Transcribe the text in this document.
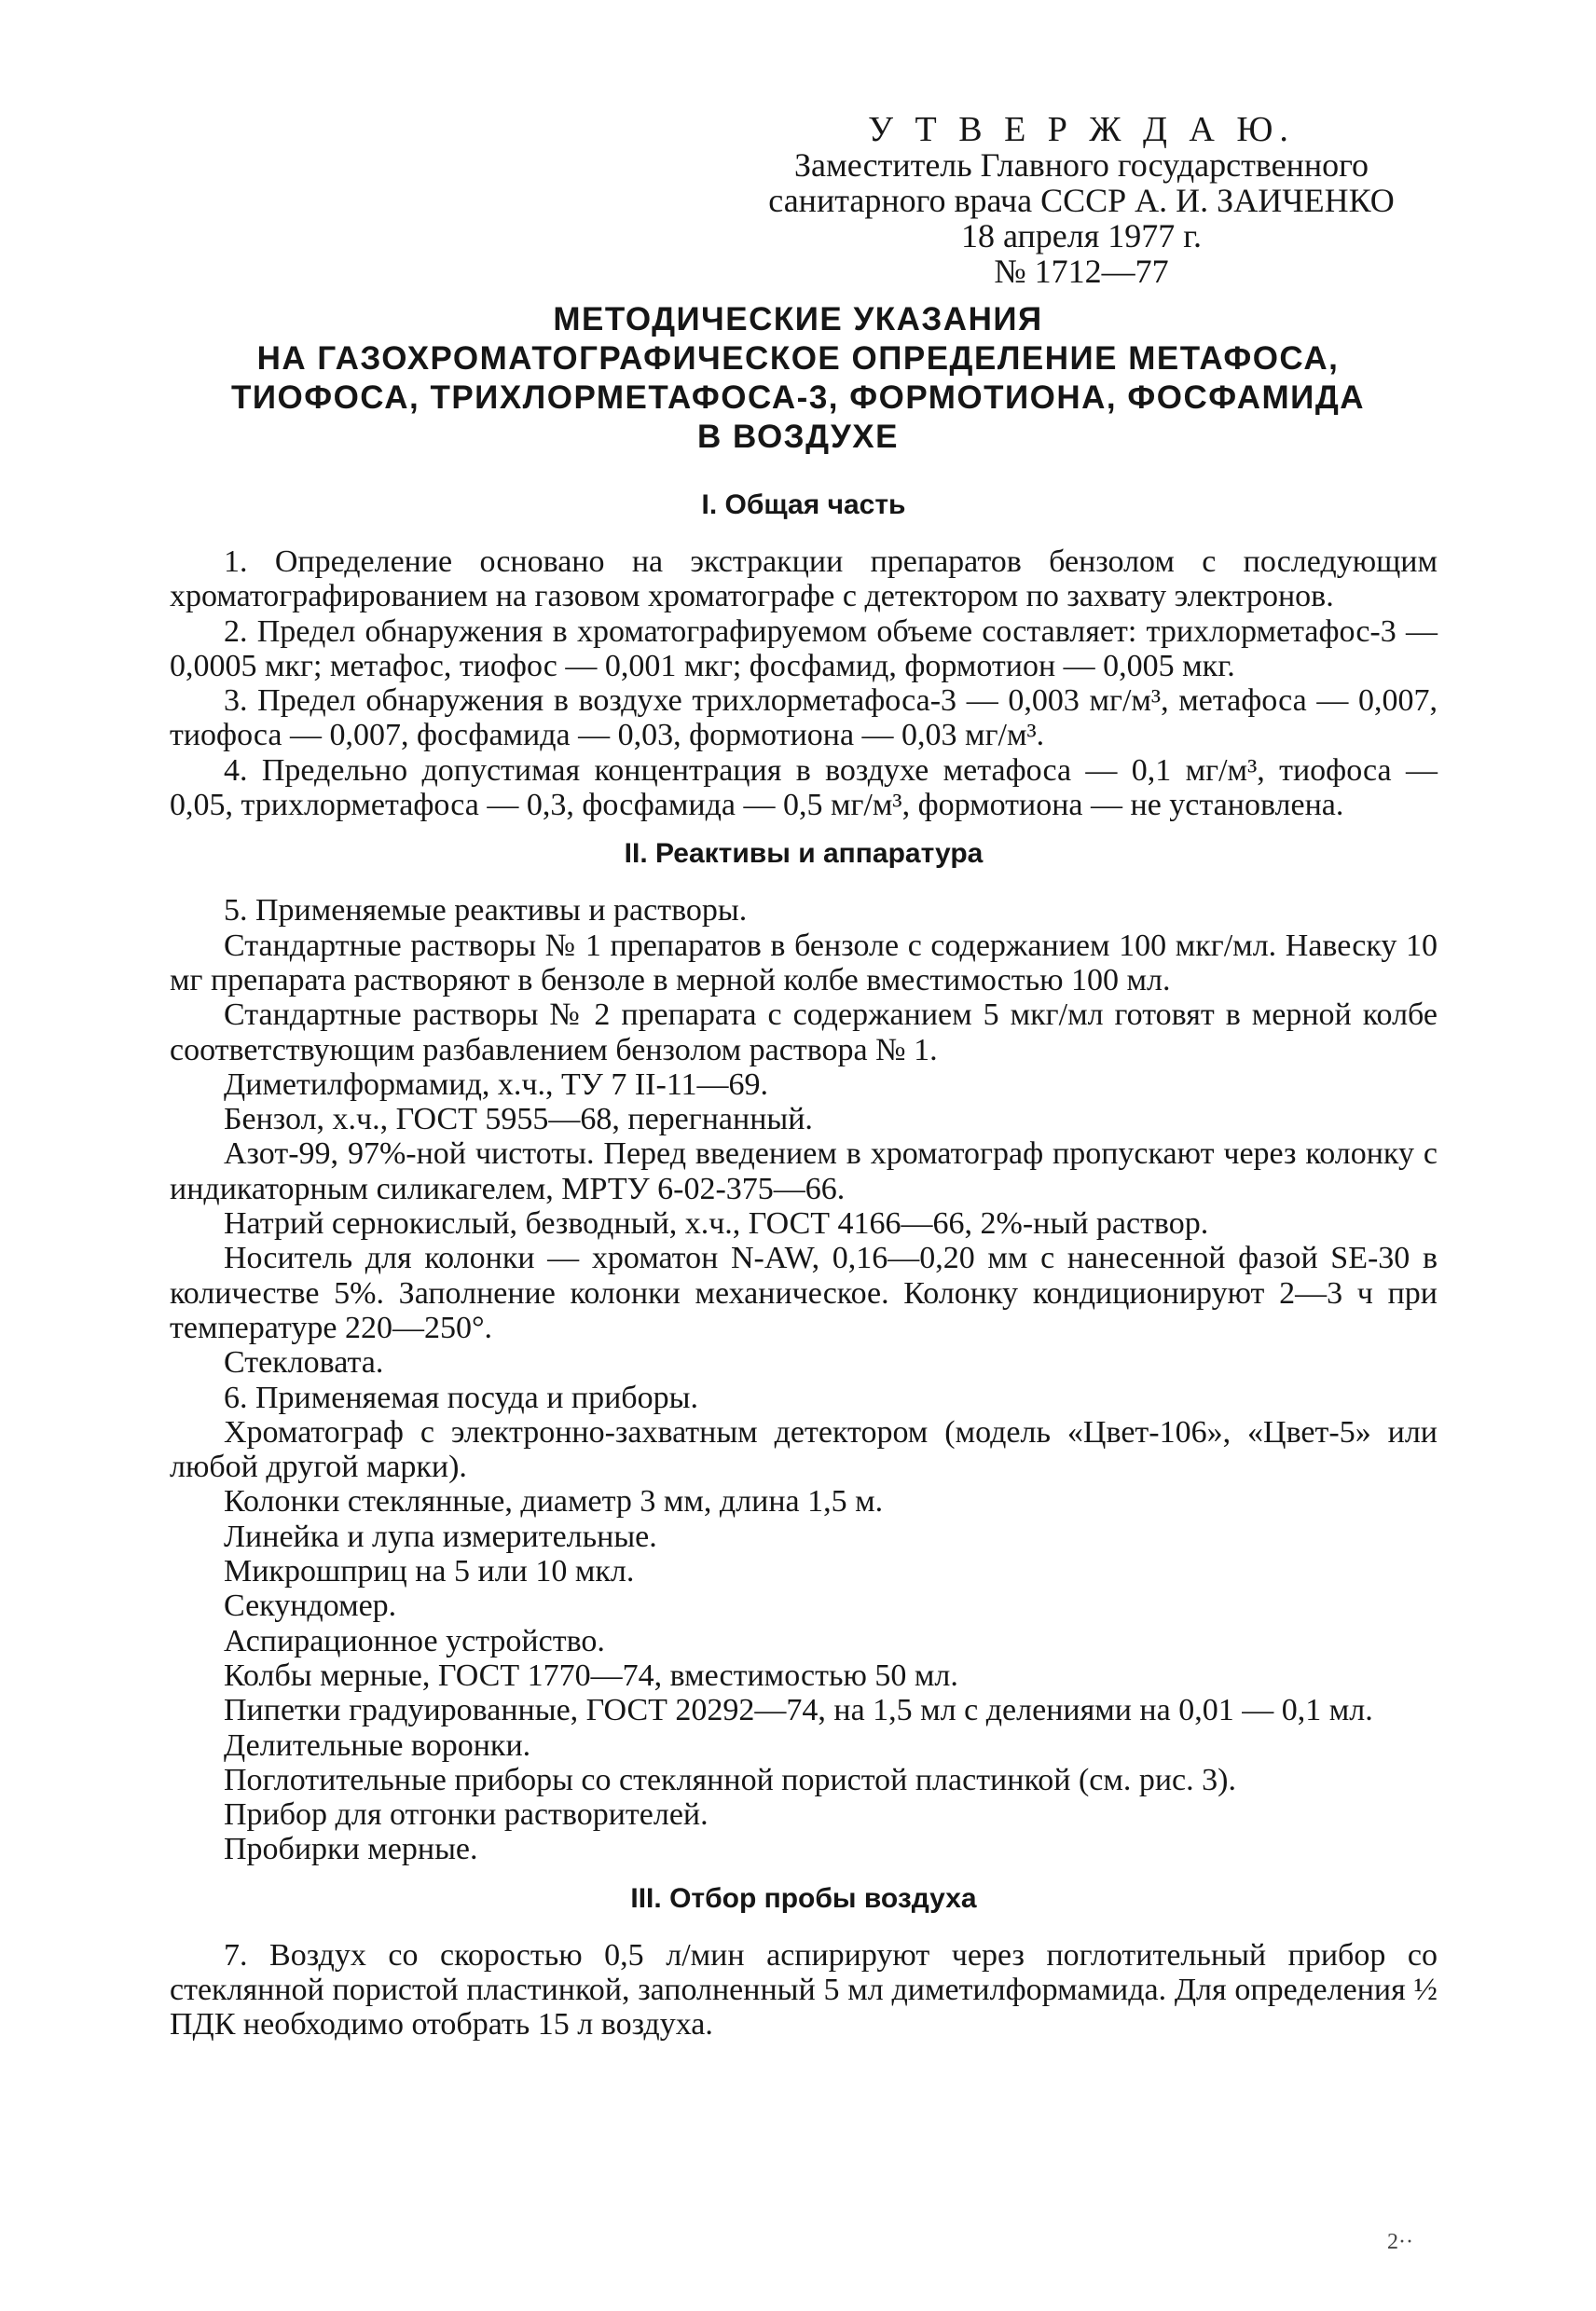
У Т В Е Р Ж Д А Ю.
Заместитель Главного государственного
санитарного врача СССР А. И. ЗАИЧЕНКО
18 апреля 1977 г.
№ 1712—77
МЕТОДИЧЕСКИЕ УКАЗАНИЯ
НА ГАЗОХРОМАТОГРАФИЧЕСКОЕ ОПРЕДЕЛЕНИЕ МЕТАФОСА,
ТИОФОСА, ТРИХЛОРМЕТАФОСА-3, ФОРМОТИОНА, ФОСФАМИДА
В ВОЗДУХЕ
I. Общая часть

1. Определение основано на экстракции препаратов бензолом с последующим хроматографированием на газовом хроматографе с детектором по захвату электронов.

2. Предел обнаружения в хроматографируемом объеме составляет: трихлорметафос-3 — 0,0005 мкг; метафос, тиофос — 0,001 мкг; фосфамид, формотион — 0,005 мкг.

3. Предел обнаружения в воздухе трихлорметафоса-3 — 0,003 мг/м³, метафоса — 0,007, тиофоса — 0,007, фосфамида — 0,03, формотиона — 0,03 мг/м³.

4. Предельно допустимая концентрация в воздухе метафоса — 0,1 мг/м³, тиофоса — 0,05, трихлорметафоса — 0,3, фосфамида — 0,5 мг/м³, формотиона — не установлена.

II. Реактивы и аппаратура

5. Применяемые реактивы и растворы.

Стандартные растворы № 1 препаратов в бензоле с содержанием 100 мкг/мл. Навеску 10 мг препарата растворяют в бензоле в мерной колбе вместимостью 100 мл.

Стандартные растворы № 2 препарата с содержанием 5 мкг/мл готовят в мерной колбе соответствующим разбавлением бензолом раствора № 1.

Диметилформамид, х.ч., ТУ 7 II-11—69.

Бензол, х.ч., ГОСТ 5955—68, перегнанный.

Азот-99, 97%-ной чистоты. Перед введением в хроматограф пропускают через колонку с индикаторным силикагелем, МРТУ 6-02-375—66.

Натрий сернокислый, безводный, х.ч., ГОСТ 4166—66, 2%-ный раствор.

Носитель для колонки — хроматон N-AW, 0,16—0,20 мм с нанесенной фазой SE-30 в количестве 5%. Заполнение колонки механическое. Колонку кондиционируют 2—3 ч при температуре 220—250°.

Стекловата.

6. Применяемая посуда и приборы.

Хроматограф с электронно-захватным детектором (модель «Цвет-106», «Цвет-5» или любой другой марки).

Колонки стеклянные, диаметр 3 мм, длина 1,5 м.

Линейка и лупа измерительные.

Микрошприц на 5 или 10 мкл.

Секундомер.

Аспирационное устройство.

Колбы мерные, ГОСТ 1770—74, вместимостью 50 мл.

Пипетки градуированные, ГОСТ 20292—74, на 1,5 мл с делениями на 0,01 — 0,1 мл.

Делительные воронки.

Поглотительные приборы со стеклянной пористой пластинкой (см. рис. 3).

Прибор для отгонки растворителей.

Пробирки мерные.

III. Отбор пробы воздуха

7. Воздух со скоростью 0,5 л/мин аспирируют через поглотительный прибор со стеклянной пористой пластинкой, заполненный 5 мл диметилформамида. Для определения ½ ПДК необходимо отобрать 15 л воздуха.

2··
